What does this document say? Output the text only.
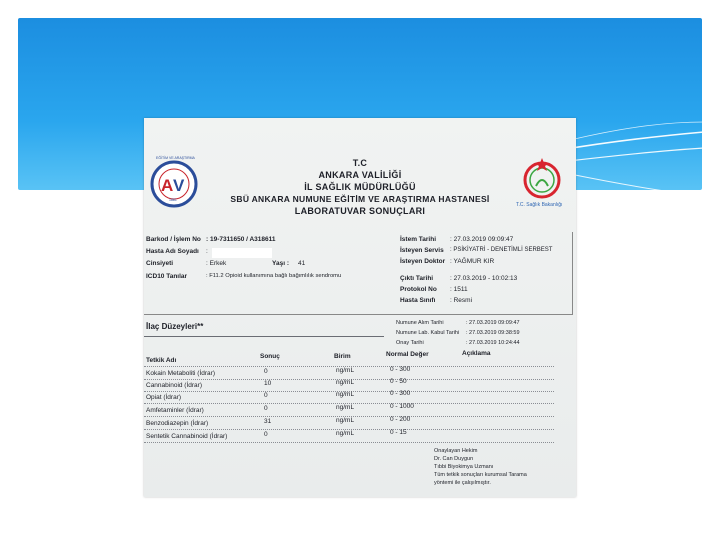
T.C
ANKARA VALİLİĞİ
İL SAĞLIK MÜDÜRLÜĞÜ
SBÜ ANKARA NUMUNE EĞİTİM VE ARAŞTIRMA HASTANESİ
LABORATUVAR SONUÇLARI
A V
EĞİTİM VE ARAŞTIRMA
1881
T.C. Sağlık Bakanlığı
Barkod / İşlem No : 19-7311650 / A318611
Hasta Adı Soyadı :
Cinsiyeti	: Erkek	Yaşı : 41
ICD10 Tanılar	: F11.2 Opioid kullanımına bağlı bağımlılık sendromu
İstem Tarihi : 27.03.2019 09:09:47
İsteyen Servis : PSİKİYATRİ - DENETİMLİ SERBEST
İsteyen Doktor : YAĞMUR KIR
Çıktı Tarihi	: 27.03.2019 - 10:02:13
Protokol No : 1511
Hasta Sınıfı : Resmi
Numune Alım Tarihi	: 27.03.2019 09:09:47
Numune Lab. Kabul Tarihi : 27.03.2019 09:38:59
Onay Tarihi	: 27.03.2019 10:24:44
İlaç Düzeyleri**
Tetkik Adı
Sonuç	Birim	Normal Değer	Açıklama
Kokain Metaboliti (İdrar)	0	ng/mL	0 - 300
Cannabinoid (İdrar)	10	ng/mL	0 - 50
Opiat (İdrar)	0	ng/mL	0 - 300
Amfetaminler (İdrar)	0	ng/mL	0 - 1000
Benzodiazepin (İdrar)	31	ng/mL	0 - 200
Sentetik Cannabinoid (İdrar)	0	ng/mL	0 - 15
Onaylayan Hekim
Dr. Can Duygun
Tıbbi Biyokimya Uzmanı
Tüm tetkik sonuçları kurumsal Tarama
yöntemi ile çalışılmıştır.
